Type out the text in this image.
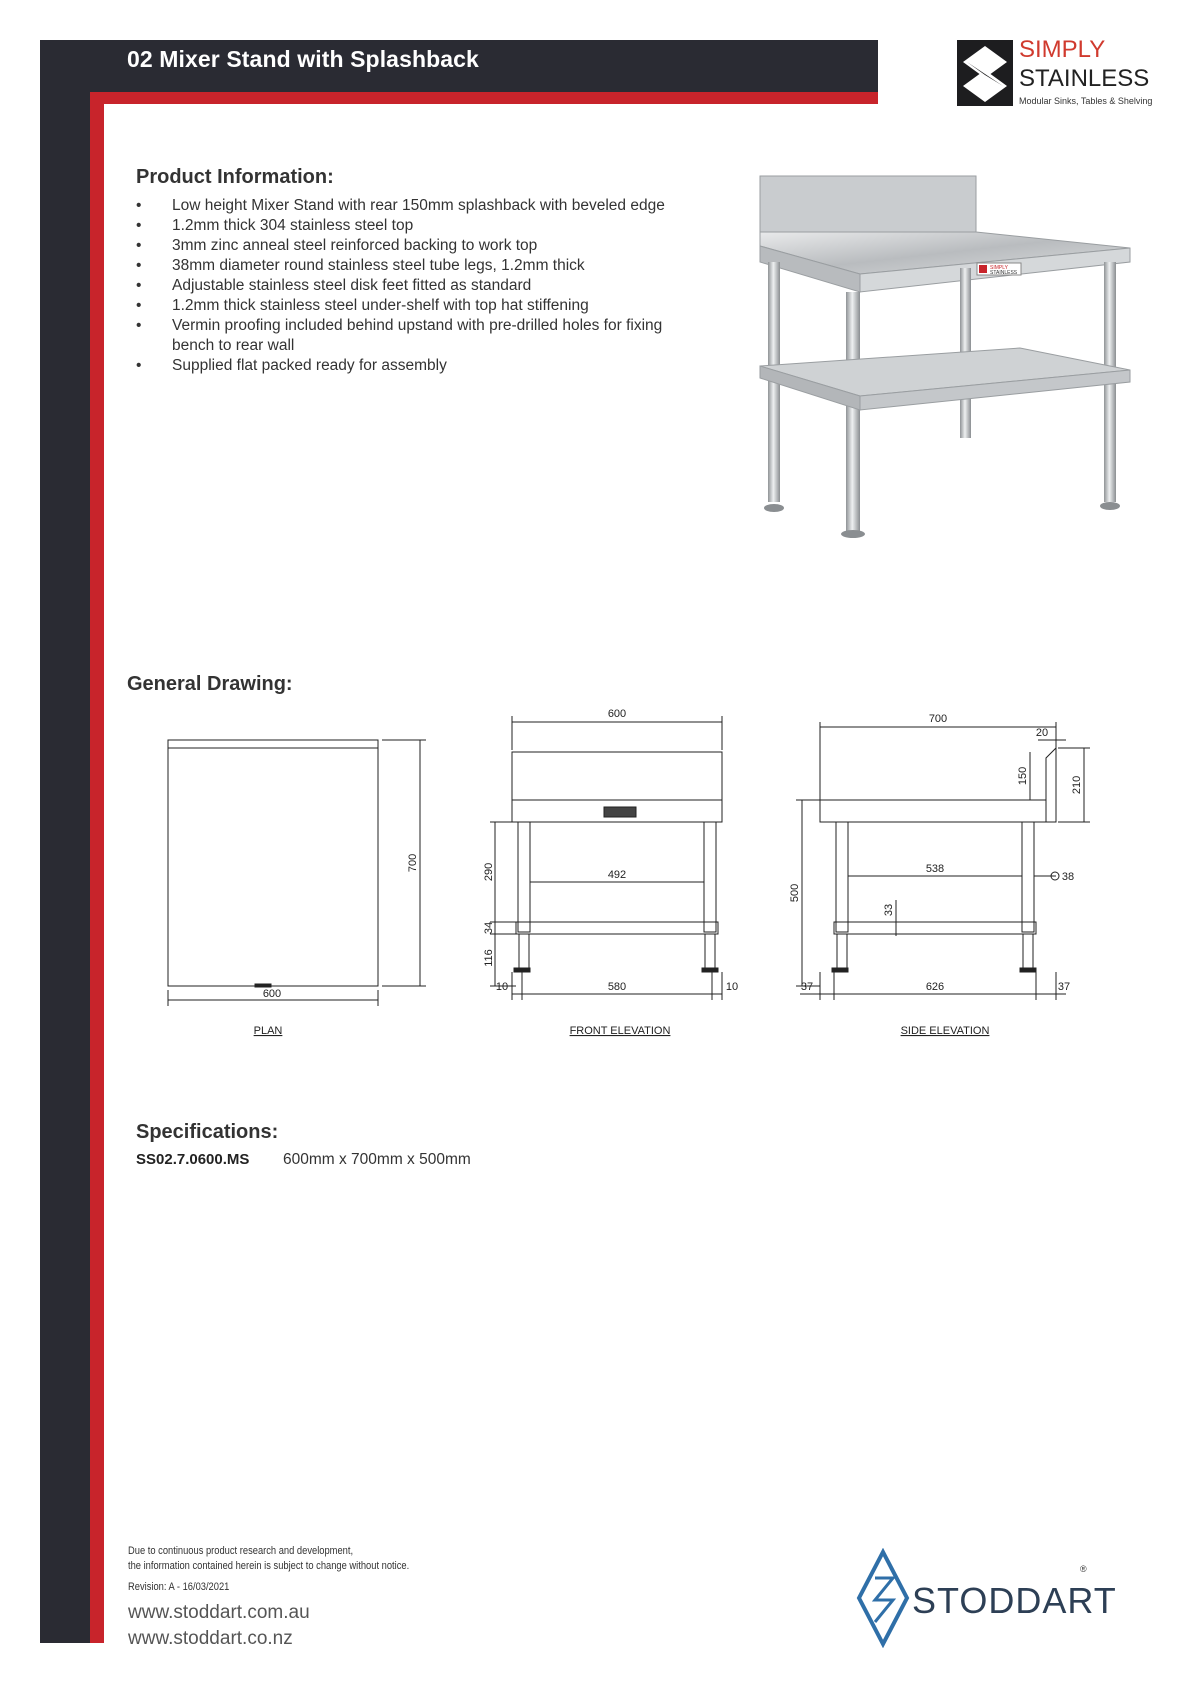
02 Mixer Stand with Splashback	SIMPLY
STAINLESS
Modular Sinks, Tables & Shelving
Product Information:
• Low height Mixer Stand with rear 150mm splashback with beveled edge
• 1.2mm thick 304 stainless steel top
• 3mm zinc anneal steel reinforced backing to work top
• 38mm diameter round stainless steel tube legs, 1.2mm thick
• Adjustable stainless steel disk feet fitted as standard
• 1.2mm thick stainless steel under-shelf with top hat stiffening
• Vermin proofing included behind upstand with pre-drilled holes for fixing bench to rear wall
• Supplied flat packed ready for assembly
SIMPLY
STAINLESS
General Drawing:
600
700
PLAN
600
492
290
34
116
580
10	10
FRONT ELEVATION
700
20
150	210
538
38
33
500
626
37	37
SIDE ELEVATION
Specifications:
SS02.7.0600.MS 600mm x 700mm x 500mm
Due to continuous product research and development,
the information contained herein is subject to change without notice.
Revision: A - 16/03/2021
www.stoddart.com.au
www.stoddart.co.nz
®
STODDART
